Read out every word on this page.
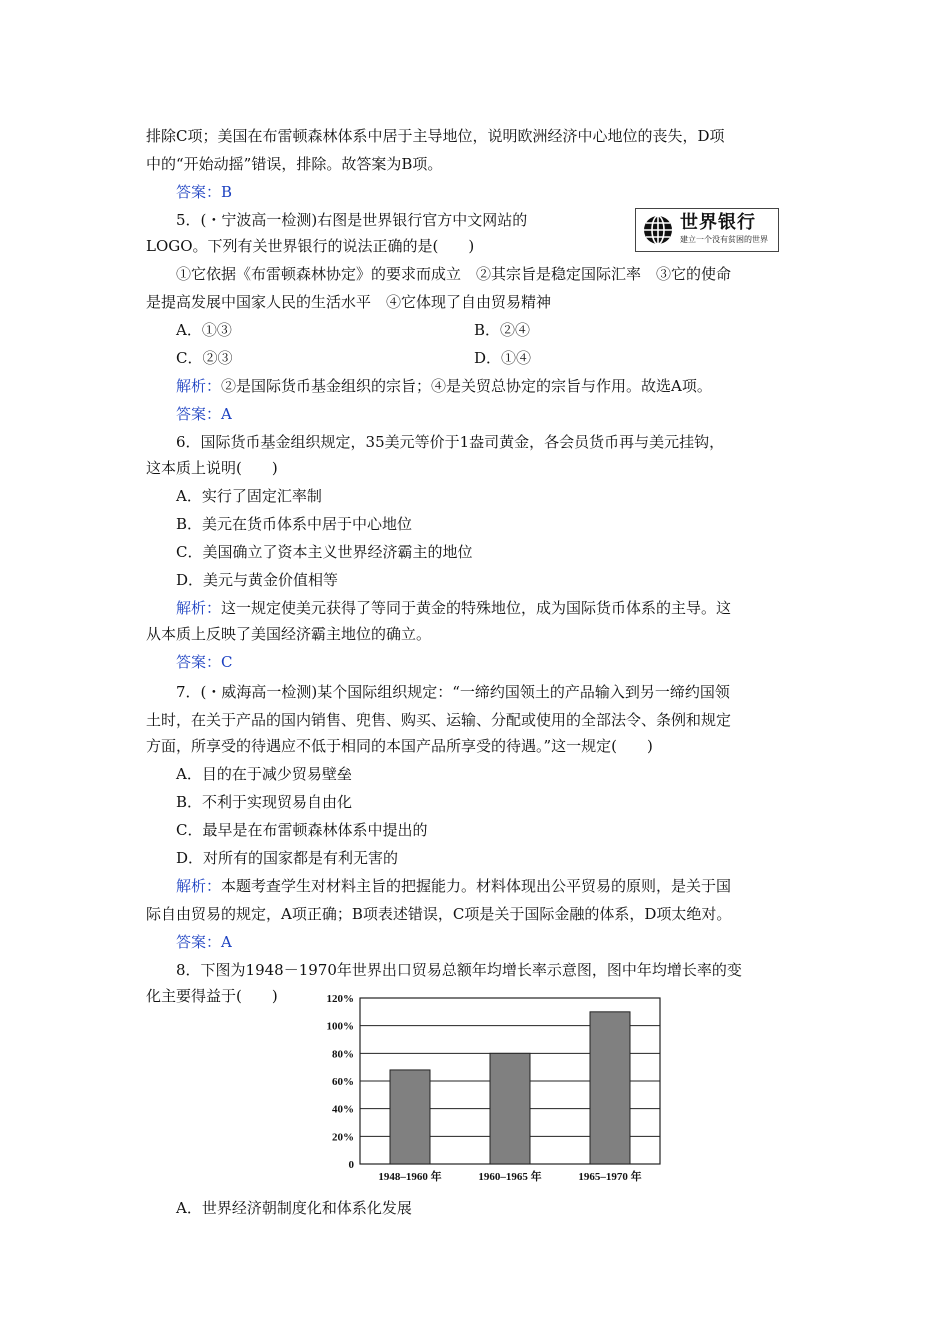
排除C项；美国在布雷顿森林体系中居于主导地位，说明欧洲经济中心地位的丧失，D项
中的“开始动摇”错误，排除。故答案为B项。
答案：B
5．(・宁波高一检测)右图是世界银行官方中文网站的
LOGO。下列有关世界银行的说法正确的是(　　)
世界银行
建立一个没有贫困的世界
①它依据《布雷顿森林协定》的要求而成立　②其宗旨是稳定国际汇率　③它的使命
是提高发展中国家人民的生活水平　④它体现了自由贸易精神
A．①③	B．②④
C．②③	D．①④
解析：②是国际货币基金组织的宗旨；④是关贸总协定的宗旨与作用。故选A项。
答案：A
6．国际货币基金组织规定，35美元等价于1盎司黄金，各会员货币再与美元挂钩，
这本质上说明(　　)
A．实行了固定汇率制
B．美元在货币体系中居于中心地位
C．美国确立了资本主义世界经济霸主的地位
D．美元与黄金价值相等
解析：这一规定使美元获得了等同于黄金的特殊地位，成为国际货币体系的主导。这
从本质上反映了美国经济霸主地位的确立。
答案：C
7．(・威海高一检测)某个国际组织规定：“一缔约国领土的产品输入到另一缔约国领
土时，在关于产品的国内销售、兜售、购买、运输、分配或使用的全部法令、条例和规定
方面，所享受的待遇应不低于相同的本国产品所享受的待遇。”这一规定(　　)
A．目的在于减少贸易壁垒
B．不利于实现贸易自由化
C．最早是在布雷顿森林体系中提出的
D．对所有的国家都是有利无害的
解析：本题考查学生对材料主旨的把握能力。材料体现出公平贸易的原则，是关于国
际自由贸易的规定，A项正确；B项表述错误，C项是关于国际金融的体系，D项太绝对。
答案：A
8．下图为1948－1970年世界出口贸易总额年均增长率示意图，图中年均增长率的变
化主要得益于(　　)
0
20%
40%
60%
80%
100%
120%
1948–1960 年	1960–1965 年	1965–1970 年
A．世界经济朝制度化和体系化发展
